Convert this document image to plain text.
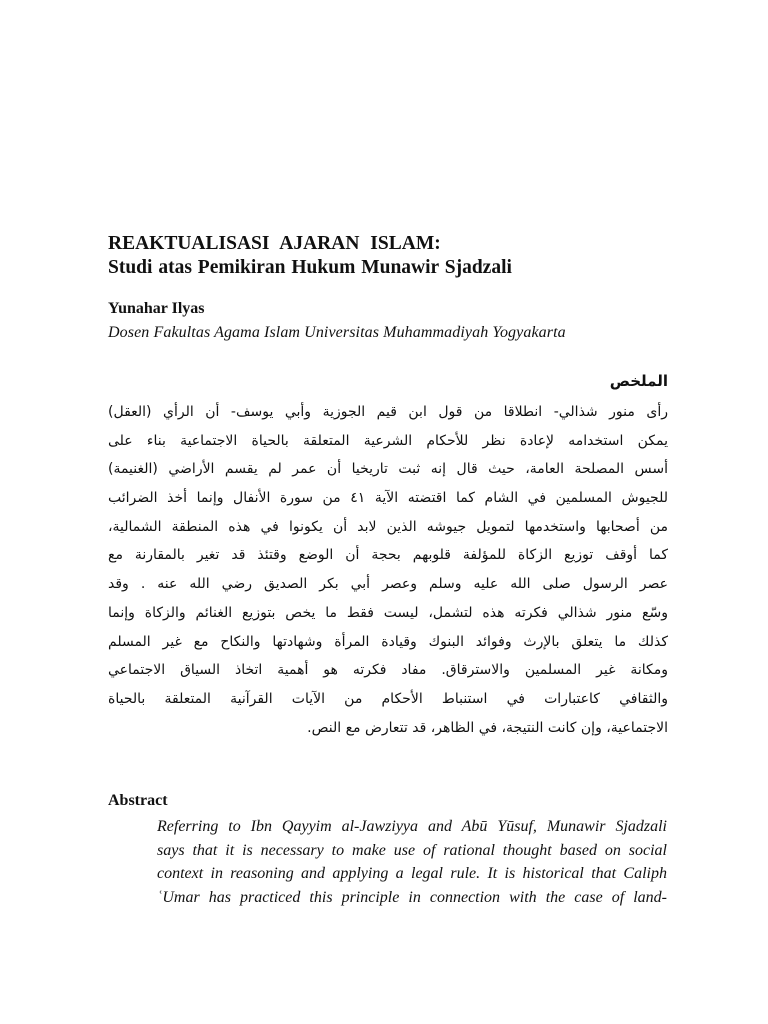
REAKTUALISASI AJARAN ISLAM:
Studi atas Pemikiran Hukum Munawir Sjadzali
Yunahar Ilyas
Dosen Fakultas Agama Islam Universitas Muhammadiyah Yogyakarta
الملخص
رأى منور شذالي- انطلاقا من قول ابن قيم الجوزية وأبي يوسف- أن الرأي (العقل)
يمكن استخدامه لإعادة نظر للأحكام الشرعية المتعلقة بالحياة الاجتماعية بناء على
أسس المصلحة العامة، حيث قال إنه ثبت تاريخيا أن عمر لم يقسم الأراضي (الغنيمة)
للجيوش المسلمين في الشام كما اقتضته الآية ٤١ من سورة الأنفال وإنما أخذ الضرائب
من أصحابها واستخدمها لتمويل جيوشه الذين لابد أن يكونوا في هذه المنطقة الشمالية،
كما أوقف توزيع الزكاة للمؤلفة قلوبهم بحجة أن الوضع وقتئذ قد تغير بالمقارنة مع
عصر الرسول صلى الله عليه وسلم وعصر أبي بكر الصديق رضي الله عنه . وقد
وسّع منور شذالي فكرته هذه لتشمل، ليست فقط ما يخص بتوزيع الغنائم والزكاة وإنما
كذلك ما يتعلق بالإرث وفوائد البنوك وقيادة المرأة وشهادتها والنكاح مع غير المسلم
ومكانة غير المسلمين والاسترقاق. مفاد فكرته هو أهمية اتخاذ السياق الاجتماعي
والثقافي كاعتبارات في استنباط الأحكام من الآيات القرآنية المتعلقة بالحياة
الاجتماعية، وإن كانت النتيجة، في الظاهر، قد تتعارض مع النص.
Abstract
Referring to Ibn Qayyim al-Jawziyya and Abū Yūsuf, Munawir Sjadzali
says that it is necessary to make use of rational thought based on social
context in reasoning and applying a legal rule. It is historical that Caliph
ʿUmar has practiced this principle in connection with the case of land-
